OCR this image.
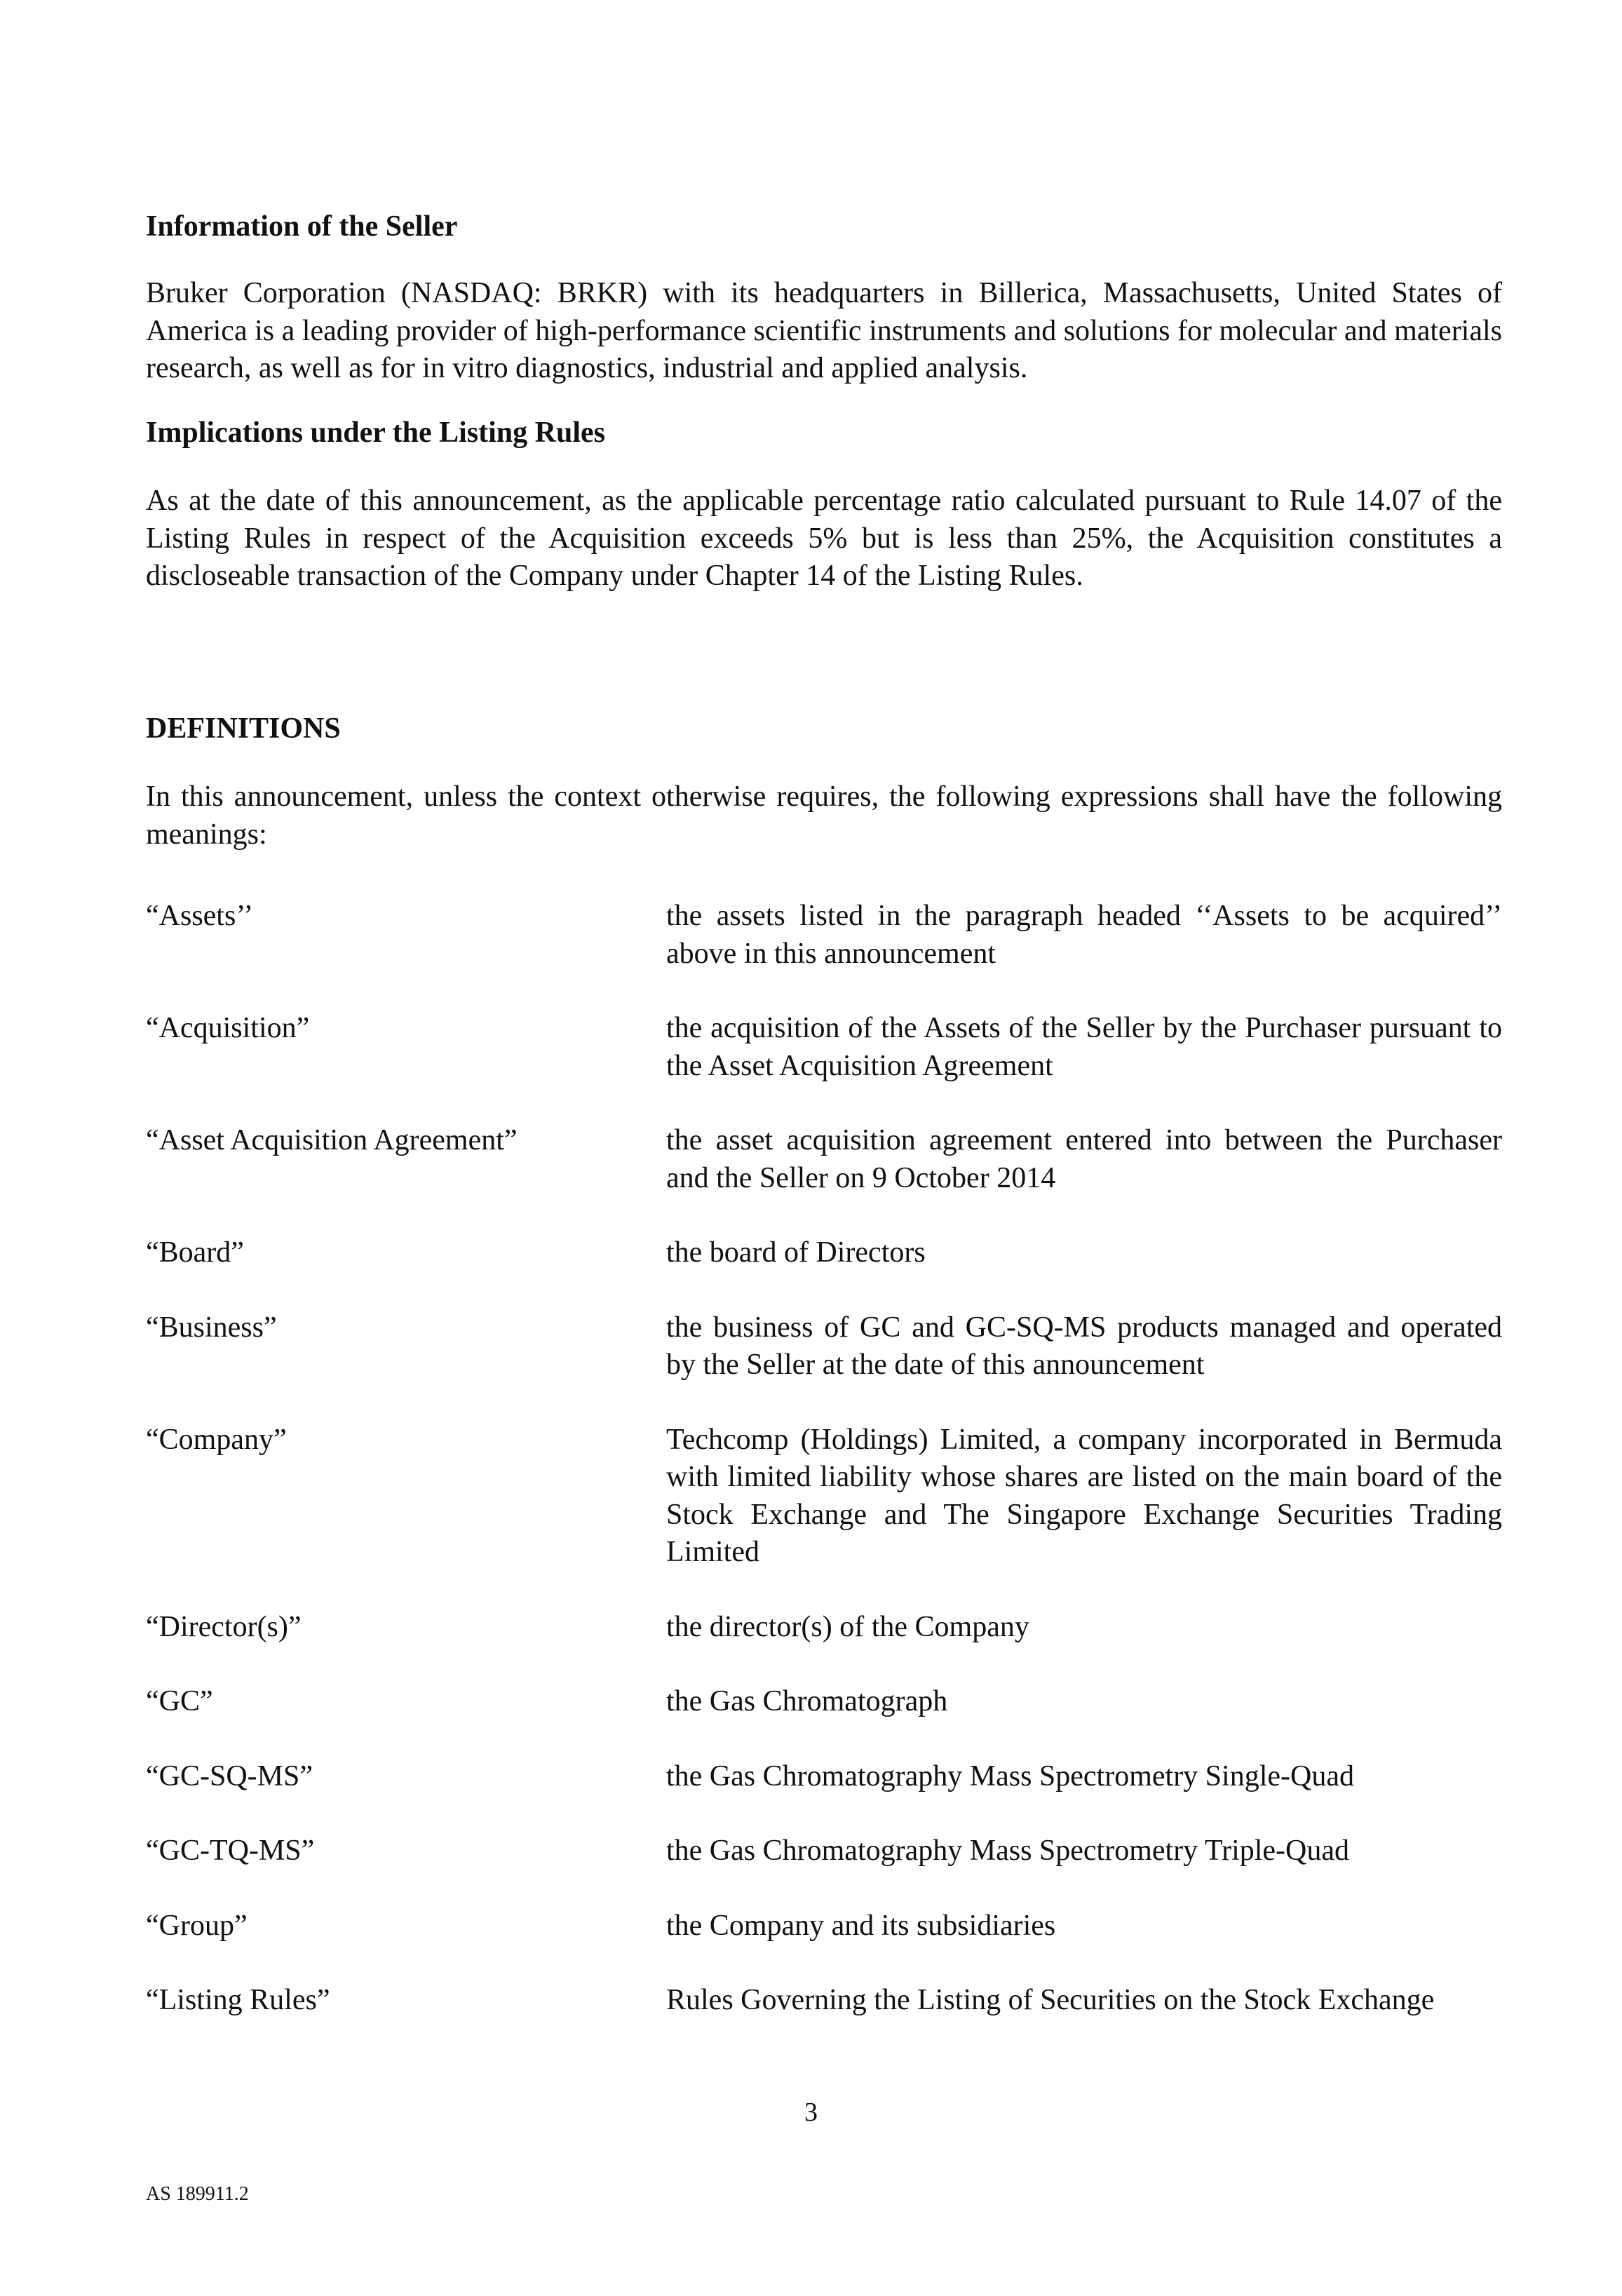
Information of the Seller

Bruker Corporation (NASDAQ: BRKR) with its headquarters in Billerica, Massachusetts, United States of America is a leading provider of high-performance scientific instruments and solutions for molecular and materials research, as well as for in vitro diagnostics, industrial and applied analysis.

Implications under the Listing Rules

As at the date of this announcement, as the applicable percentage ratio calculated pursuant to Rule 14.07 of the Listing Rules in respect of the Acquisition exceeds 5% but is less than 25%, the Acquisition constitutes a discloseable transaction of the Company under Chapter 14 of the Listing Rules.

DEFINITIONS

In this announcement, unless the context otherwise requires, the following expressions shall have the following meanings:

“Assets’’	the assets listed in the paragraph headed ‘‘Assets to be acquired’’ above in this announcement
“Acquisition”	the acquisition of the Assets of the Seller by the Purchaser pursuant to the Asset Acquisition Agreement
“Asset Acquisition Agreement”	the asset acquisition agreement entered into between the Purchaser and the Seller on 9 October 2014
“Board”	the board of Directors
“Business”	the business of GC and GC-SQ-MS products managed and operated by the Seller at the date of this announcement
“Company”	Techcomp (Holdings) Limited, a company incorporated in Bermuda with limited liability whose shares are listed on the main board of the Stock Exchange and The Singapore Exchange Securities Trading Limited
“Director(s)”	the director(s) of the Company
“GC”	the Gas Chromatograph
“GC-SQ-MS”	the Gas Chromatography Mass Spectrometry Single-Quad
“GC-TQ-MS”	the Gas Chromatography Mass Spectrometry Triple-Quad
“Group”	the Company and its subsidiaries
“Listing Rules”	Rules Governing the Listing of Securities on the Stock Exchange
3
AS 189911.2
